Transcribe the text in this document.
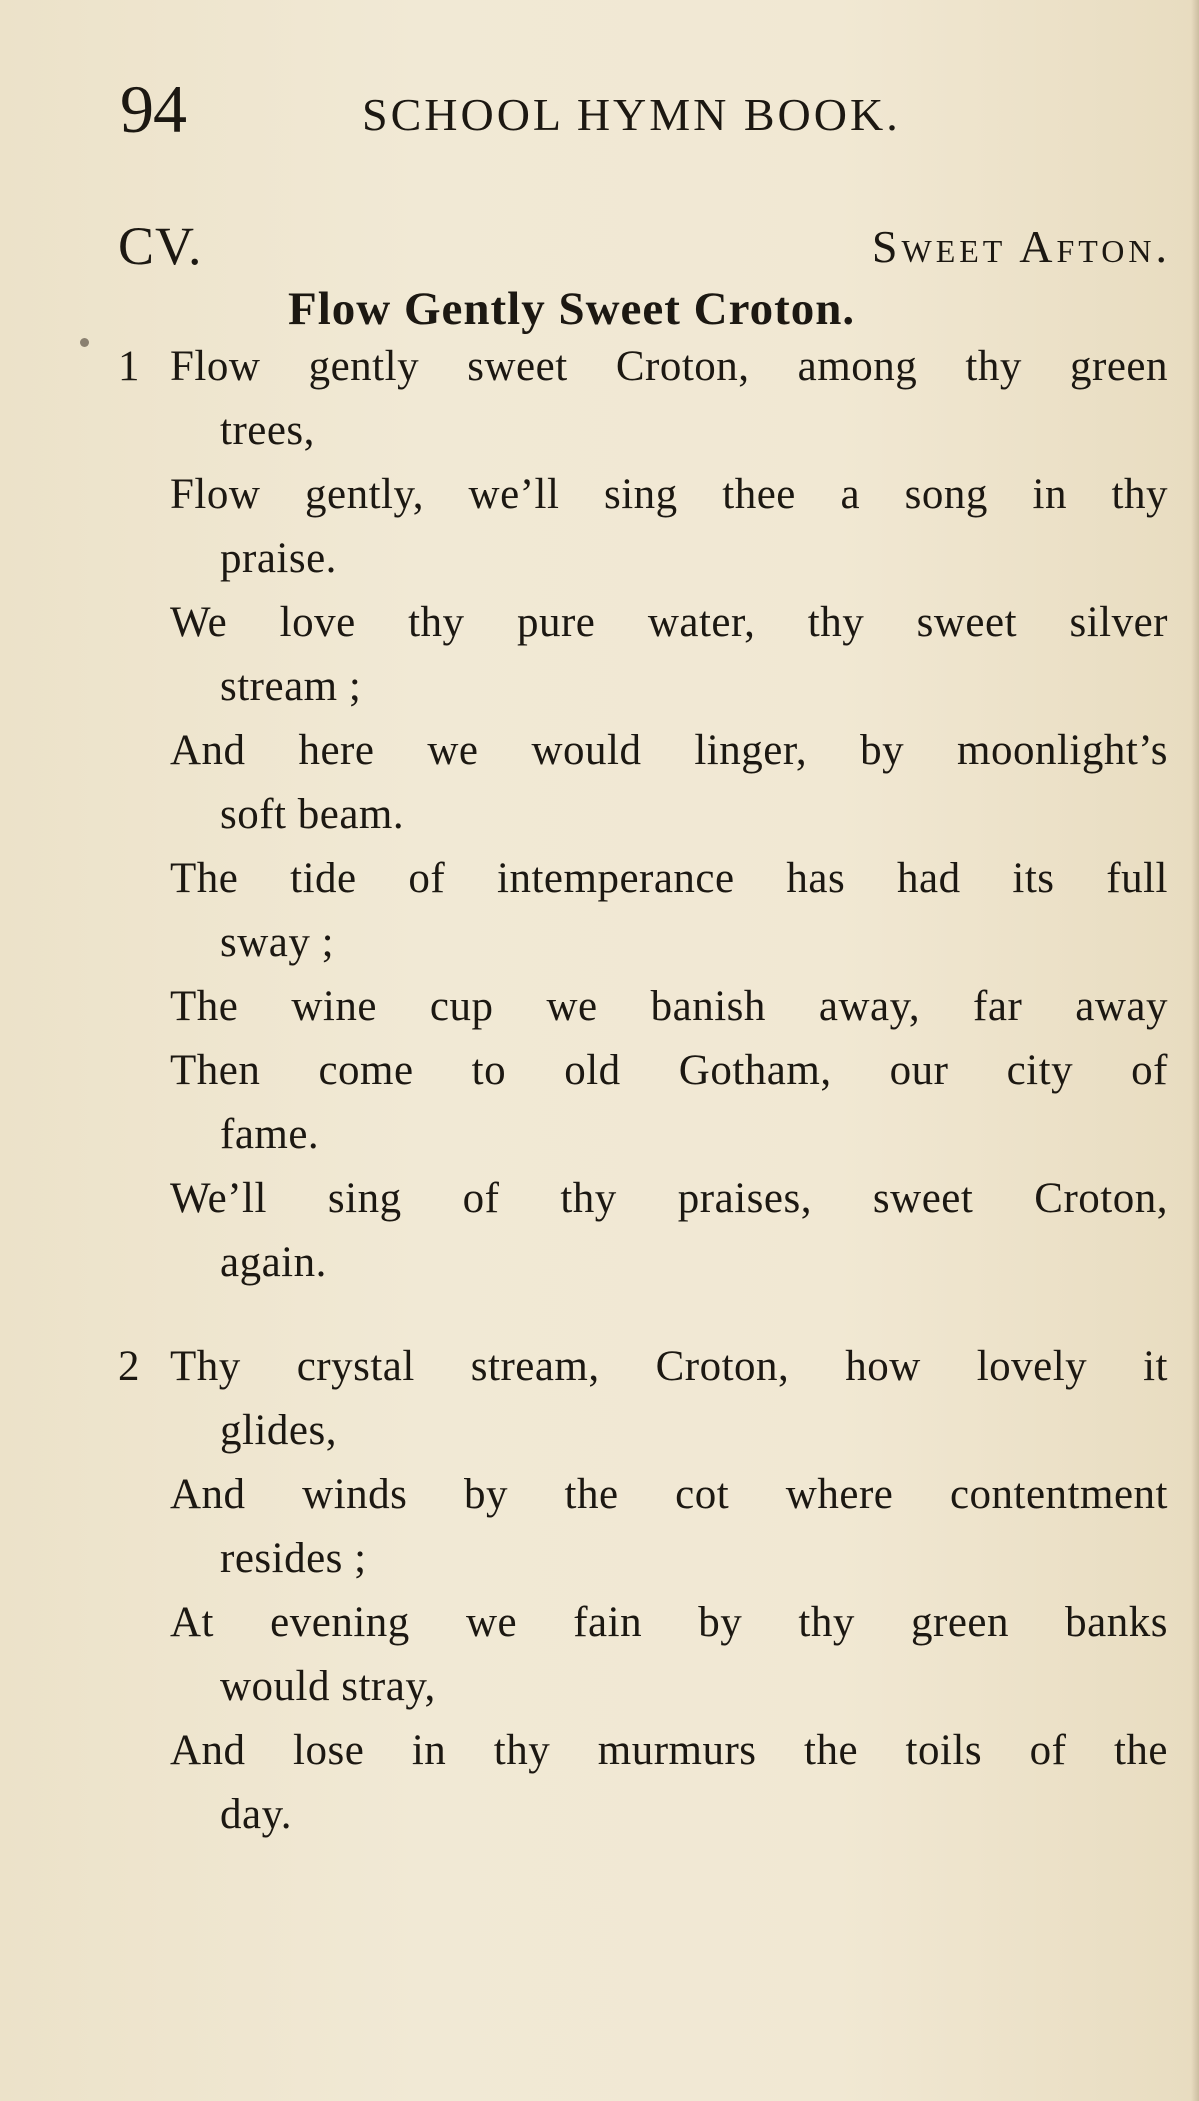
94	SCHOOL HYMN BOOK.
CV.	Sweet Afton.
Flow Gently Sweet Croton.
1 Flow gently sweet Croton, among thy green
trees,
Flow gently, we’ll sing thee a song in thy
praise.
We love thy pure water, thy sweet silver
stream ;
And here we would linger, by moonlight’s
soft beam.
The tide of intemperance has had its full
sway ;
The wine cup we banish away, far away
Then come to old Gotham, our city of
fame.
We’ll sing of thy praises, sweet Croton,
again.
2 Thy crystal stream, Croton, how lovely it
glides,
And winds by the cot where contentment
resides ;
At evening we fain by thy green banks
would stray,
And lose in thy murmurs the toils of the
day.
